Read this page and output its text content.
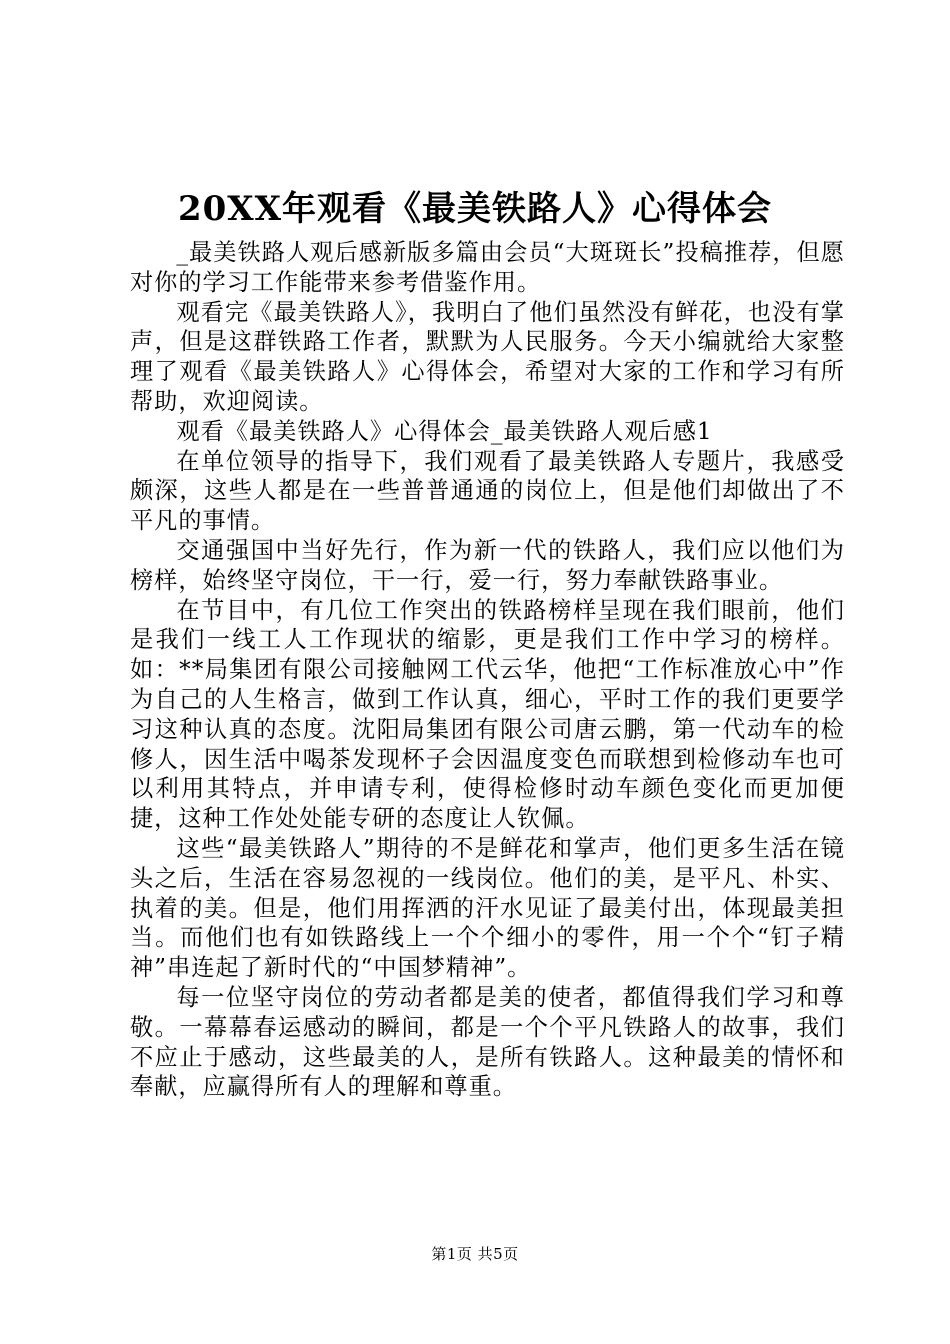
20XX年观看《最美铁路人》心得体会

_最美铁路人观后感新版多篇由会员“大斑斑长”投稿推荐，但愿对你的学习工作能带来参考借鉴作用。

观看完《最美铁路人》，我明白了他们虽然没有鲜花，也没有掌声，但是这群铁路工作者，默默为人民服务。今天小编就给大家整理了观看《最美铁路人》心得体会，希望对大家的工作和学习有所帮助，欢迎阅读。

观看《最美铁路人》心得体会_最美铁路人观后感1

在单位领导的指导下，我们观看了最美铁路人专题片，我感受颇深，这些人都是在一些普普通通的岗位上，但是他们却做出了不平凡的事情。

交通强国中当好先行，作为新一代的铁路人，我们应以他们为榜样，始终坚守岗位，干一行，爱一行，努力奉献铁路事业。

在节目中，有几位工作突出的铁路榜样呈现在我们眼前，他们是我们一线工人工作现状的缩影，更是我们工作中学习的榜样。如：**局集团有限公司接触网工代云华，他把“工作标准放心中”作为自己的人生格言，做到工作认真，细心，平时工作的我们更要学习这种认真的态度。沈阳局集团有限公司唐云鹏，第一代动车的检修人，因生活中喝茶发现杯子会因温度变色而联想到检修动车也可以利用其特点，并申请专利，使得检修时动车颜色变化而更加便捷，这种工作处处能专研的态度让人钦佩。

这些“最美铁路人”期待的不是鲜花和掌声，他们更多生活在镜头之后，生活在容易忽视的一线岗位。他们的美，是平凡、朴实、执着的美。但是，他们用挥洒的汗水见证了最美付出，体现最美担当。而他们也有如铁路线上一个个细小的零件，用一个个“钉子精神”串连起了新时代的“中国梦精神”。

每一位坚守岗位的劳动者都是美的使者，都值得我们学习和尊敬。一幕幕春运感动的瞬间，都是一个个平凡铁路人的故事，我们不应止于感动，这些最美的人，是所有铁路人。这种最美的情怀和奉献，应赢得所有人的理解和尊重。

第1页 共5页
